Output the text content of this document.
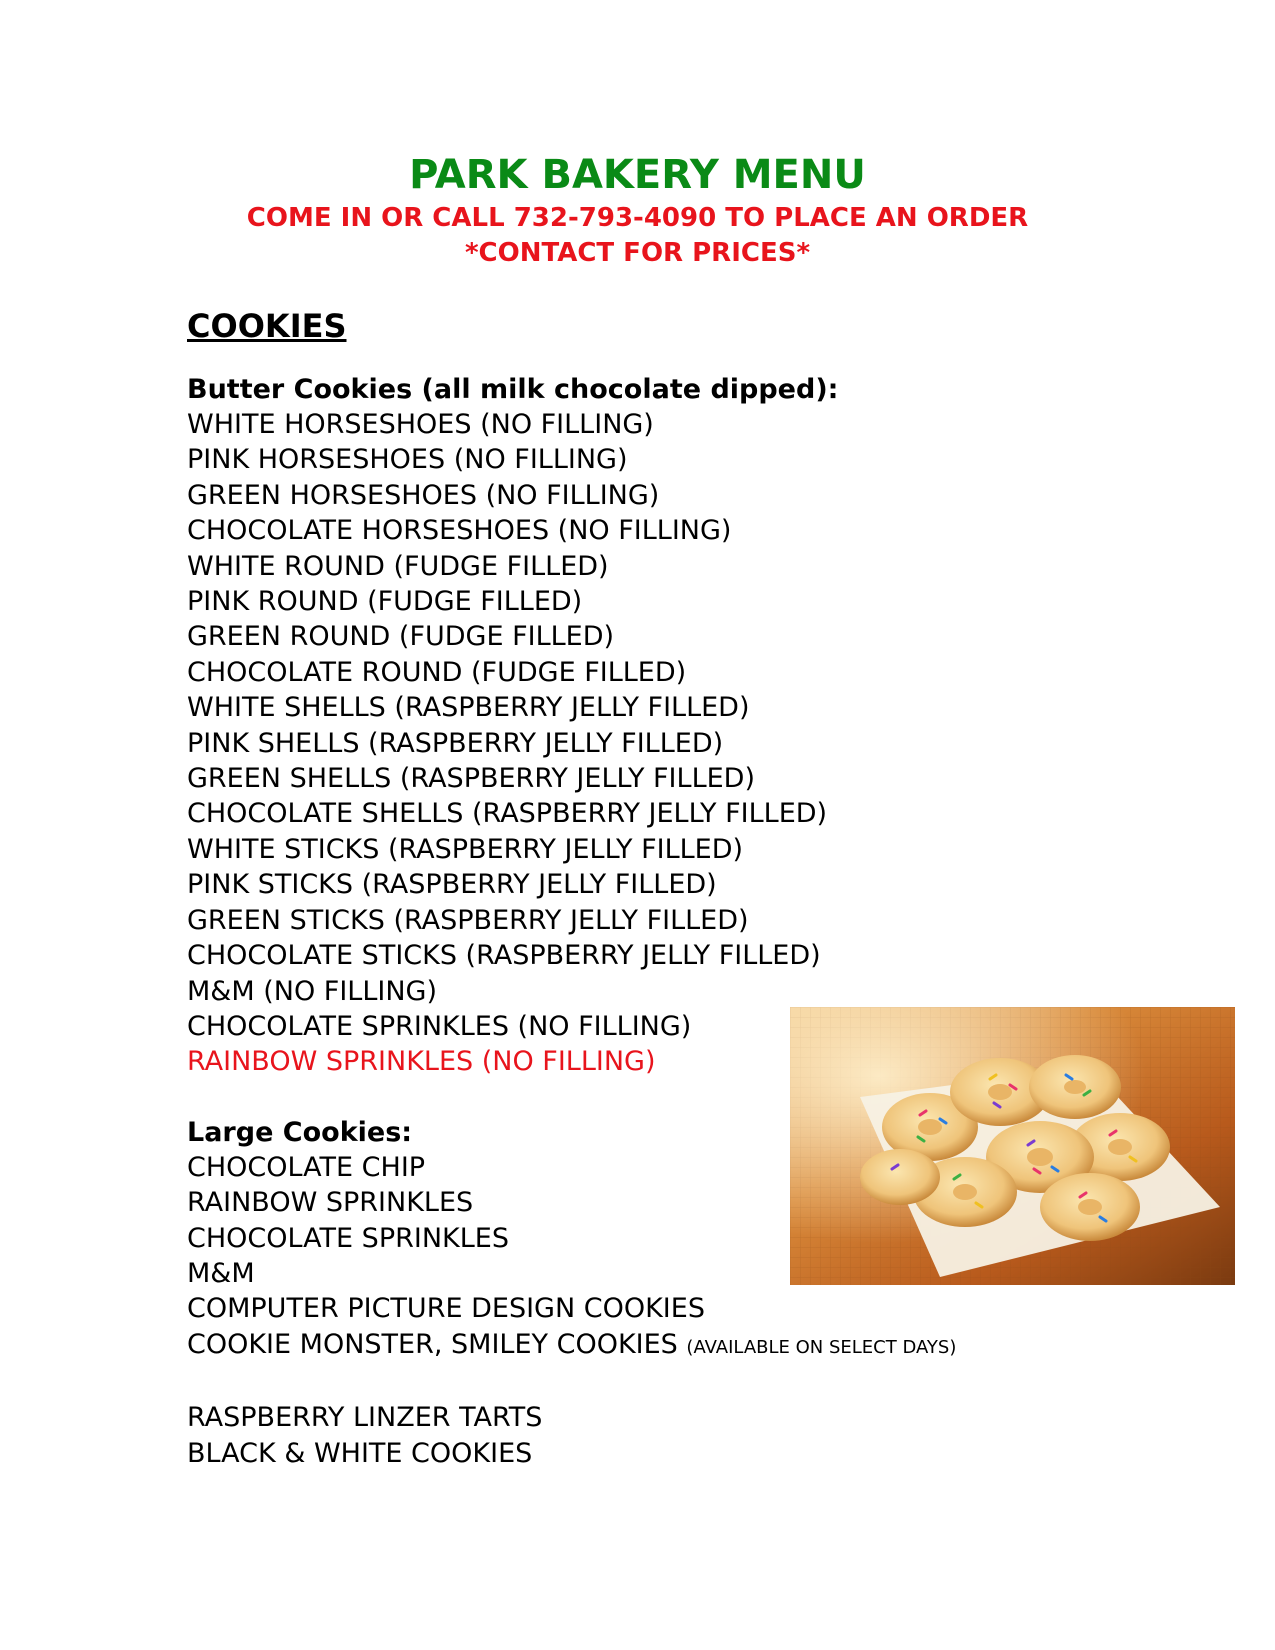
PARK BAKERY MENU
COME IN OR CALL 732-793-4090 TO PLACE AN ORDER
*CONTACT FOR PRICES*

COOKIES

Butter Cookies (all milk chocolate dipped):

WHITE HORSESHOES (NO FILLING)

PINK HORSESHOES (NO FILLING)

GREEN HORSESHOES (NO FILLING)

CHOCOLATE HORSESHOES (NO FILLING)

WHITE ROUND (FUDGE FILLED)

PINK ROUND (FUDGE FILLED)

GREEN ROUND (FUDGE FILLED)

CHOCOLATE ROUND (FUDGE FILLED)

WHITE SHELLS (RASPBERRY JELLY FILLED)

PINK SHELLS (RASPBERRY JELLY FILLED)

GREEN SHELLS (RASPBERRY JELLY FILLED)

CHOCOLATE SHELLS (RASPBERRY JELLY FILLED)

WHITE STICKS (RASPBERRY JELLY FILLED)

PINK STICKS (RASPBERRY JELLY FILLED)

GREEN STICKS (RASPBERRY JELLY FILLED)

CHOCOLATE STICKS (RASPBERRY JELLY FILLED)

M&M (NO FILLING)

CHOCOLATE SPRINKLES (NO FILLING)

RAINBOW SPRINKLES (NO FILLING)

Large Cookies:

CHOCOLATE CHIP

RAINBOW SPRINKLES

CHOCOLATE SPRINKLES

M&M

COMPUTER PICTURE DESIGN COOKIES

COOKIE MONSTER, SMILEY COOKIES (AVAILABLE ON SELECT DAYS)

RASPBERRY LINZER TARTS

BLACK & WHITE COOKIES
